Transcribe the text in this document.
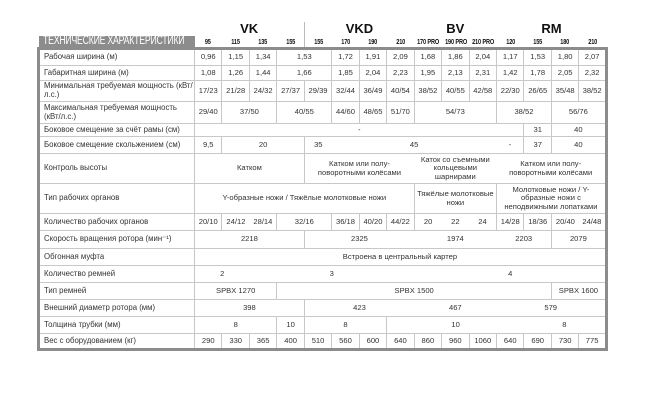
	VK				VKD				BV			RM			
ТЕХНИЧЕСКИЕ ХАРАКТЕРИСТИКИ	95	115	135	155	155	170	190	210	170 PRO	190 PRO	210 PRO	120	155	180	210
Рабочая ширина (м)	0,96	1,15	1,34	1,53		1,72	1,91	2,09	1,68	1,86	2,04	1,17	1,53	1,80	2,07
Габаритная ширина (м)	1,08	1,26	1,44	1,66		1,85	2,04	2,23	1,95	2,13	2,31	1,42	1,78	2,05	2,32
Минимальная требуемая мощность (кВт/л.с.)	17/23	21/28	24/32	27/37	29/39	32/44	36/49	40/54	38/52	40/55	42/58	22/30	26/65	35/48	38/52
Максимальная требуемая мощность (кВт/л.с.)	29/40	37/50		40/55		44/60	48/65	51/70	54/73			38/52		56/76	
Боковое смещение за счёт рамы (см)	-												31	40	
Боковое смещение скольжением (см)	9,5	20			35	45						-	37	40	
Контроль высоты	Катком				Катком или полу-поворотными колёсами				Каток со съемными кольцевыми шарнирами			Катком или полу-поворотными колёсами			
Тип рабочих органов	Y-образные ножи / Тяжёлые молотковые ножи								Тяжёлые молотковые ножи			Молотковые ножи / Y-образные ножи с неподвижными лопатками			
Количество рабочих органов	20/10	24/12	28/14	32/16		36/18	40/20	44/22	20	22	24	14/28	18/36	20/40	24/48
Скорость вращения ротора (мин⁻¹)	2218				2325				1974			2203		2079	
Обгонная муфта	Встроена в центральный картер														
Количество ремней	2				3							4			
Тип ремней	SPBX 1270			SPBX 1500										SPBX 1600	
Внешний диаметр ротора (мм)	398				423				467			579			
Толщина трубки (мм)	8			10	8			10					8		
Вес с оборудованием (кг)	290	330	365	400	510	560	600	640	860	960	1060	640	690	730	775
